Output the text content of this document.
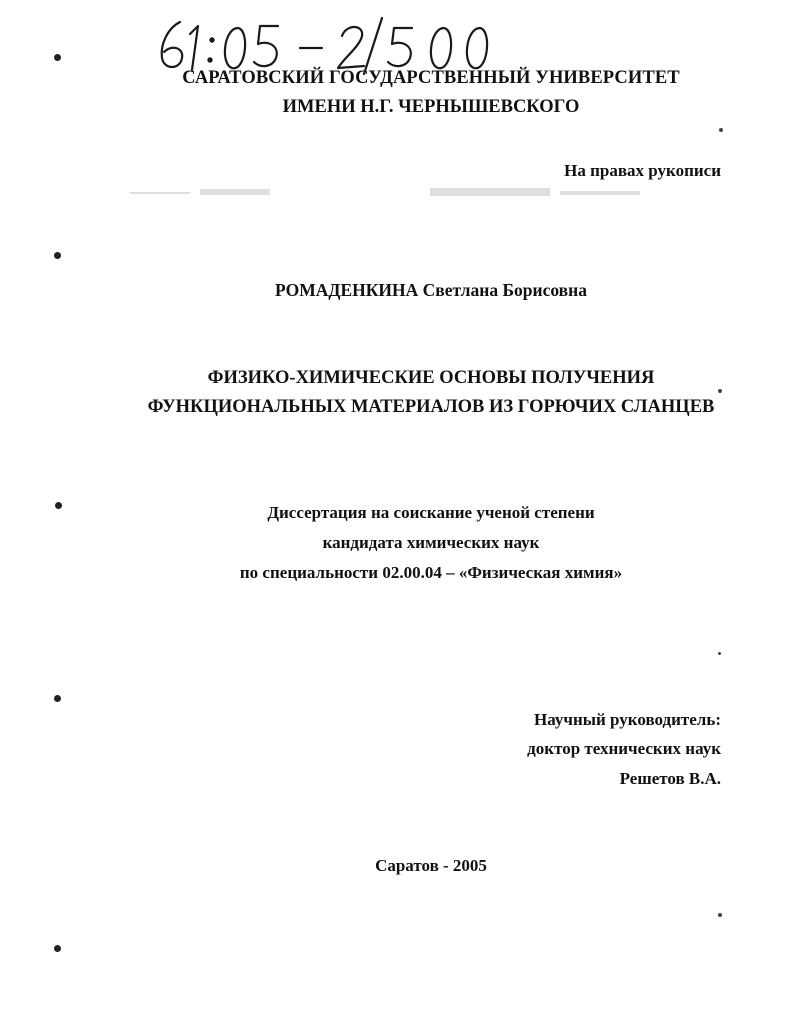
САРАТОВСКИЙ ГОСУДАРСТВЕННЫЙ УНИВЕРСИТЕТ
ИМЕНИ Н.Г. ЧЕРНЫШЕВСКОГО
На правах рукописи
РОМАДЕНКИНА Светлана Борисовна
ФИЗИКО-ХИМИЧЕСКИЕ ОСНОВЫ ПОЛУЧЕНИЯ
ФУНКЦИОНАЛЬНЫХ МАТЕРИАЛОВ ИЗ ГОРЮЧИХ СЛАНЦЕВ
Диссертация на соискание ученой степени
кандидата химических наук
по специальности 02.00.04 – «Физическая химия»
Научный руководитель:
доктор технических наук
Решетов В.А.
Саратов - 2005
